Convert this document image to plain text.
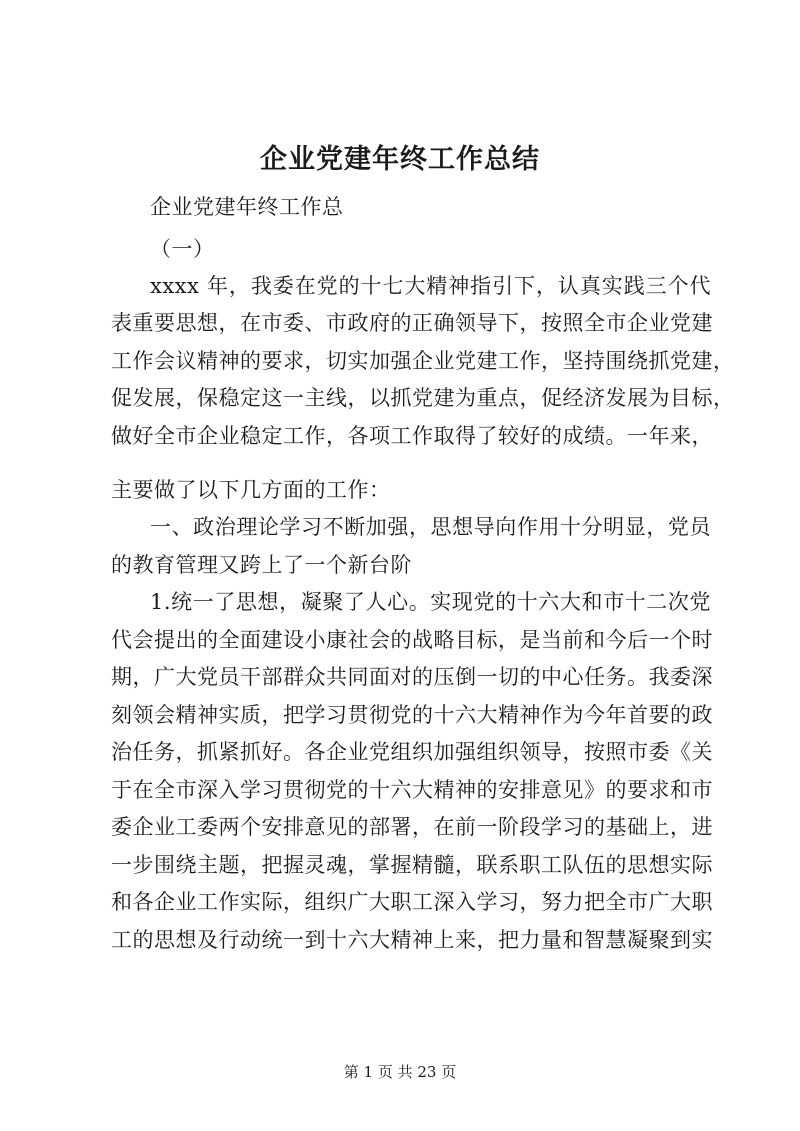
企业党建年终工作总结
企业党建年终工作总
（一）
xxxx 年，我委在党的十七大精神指引下，认真实践三个代
表重要思想，在市委、市政府的正确领导下，按照全市企业党建
工作会议精神的要求，切实加强企业党建工作，坚持围绕抓党建，
促发展，保稳定这一主线，以抓党建为重点，促经济发展为目标，
做好全市企业稳定工作，各项工作取得了较好的成绩。一年来，
主要做了以下几方面的工作：
一、政治理论学习不断加强，思想导向作用十分明显，党员
的教育管理又跨上了一个新台阶
1.统一了思想，凝聚了人心。实现党的十六大和市十二次党
代会提出的全面建设小康社会的战略目标，是当前和今后一个时
期，广大党员干部群众共同面对的压倒一切的中心任务。我委深
刻领会精神实质，把学习贯彻党的十六大精神作为今年首要的政
治任务，抓紧抓好。各企业党组织加强组织领导，按照市委《关
于在全市深入学习贯彻党的十六大精神的安排意见》的要求和市
委企业工委两个安排意见的部署，在前一阶段学习的基础上，进
一步围绕主题，把握灵魂，掌握精髓，联系职工队伍的思想实际
和各企业工作实际，组织广大职工深入学习，努力把全市广大职
工的思想及行动统一到十六大精神上来，把力量和智慧凝聚到实
第 1 页 共 23 页
